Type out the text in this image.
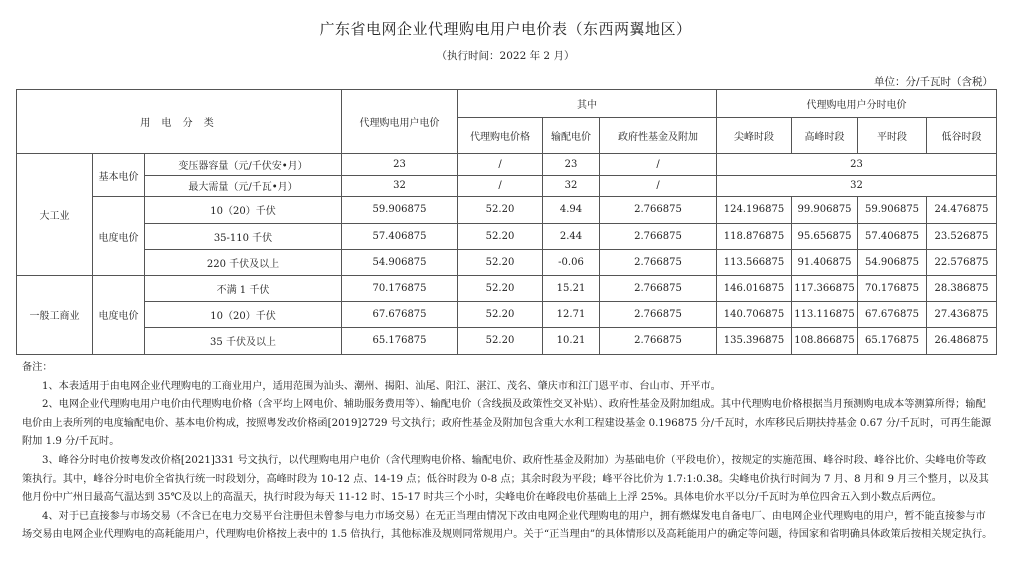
广东省电网企业代理购电用户电价表（东西两翼地区）
（执行时间：2022 年 2 月）
单位：分/千瓦时（含税）
用 电 分 类			代理购电用户电价	其中			代理购电用户分时电价			
				代理购电价格	输配电价	政府性基金及附加	尖峰时段	高峰时段	平时段	低谷时段
大工业	基本电价	变压器容量（元/千伏安•月）	23	/	23	/	23			
		最大需量（元/千瓦•月）	32	/	32	/	32			
	电度电价	10（20）千伏	59.906875	52.20	4.94	2.766875	124.196875	99.906875	59.906875	24.476875
		35-110 千伏	57.406875	52.20	2.44	2.766875	118.876875	95.656875	57.406875	23.526875
		220 千伏及以上	54.906875	52.20	-0.06	2.766875	113.566875	91.406875	54.906875	22.576875
一般工商业	电度电价	不满 1 千伏	70.176875	52.20	15.21	2.766875	146.016875	117.366875	70.176875	28.386875
		10（20）千伏	67.676875	52.20	12.71	2.766875	140.706875	113.116875	67.676875	27.436875
		35 千伏及以上	65.176875	52.20	10.21	2.766875	135.396875	108.866875	65.176875	26.486875

备注：

1、本表适用于由电网企业代理购电的工商业用户，适用范围为汕头、潮州、揭阳、汕尾、阳江、湛江、茂名、肇庆市和江门恩平市、台山市、开平市。

2、电网企业代理购电用户电价由代理购电价格（含平均上网电价、辅助服务费用等）、输配电价（含线损及政策性交叉补贴）、政府性基金及附加组成。其中代理购电价格根据当月预测购电成本等测算所得；输配电价由上表所列的电度输配电价、基本电价构成，按照粤发改价格函[2019]2729 号文执行；政府性基金及附加包含重大水利工程建设基金 0.196875 分/千瓦时，水库移民后期扶持基金 0.67 分/千瓦时，可再生能源附加 1.9 分/千瓦时。

3、峰谷分时电价按粤发改价格[2021]331 号文执行，以代理购电用户电价（含代理购电价格、输配电价、政府性基金及附加）为基础电价（平段电价），按规定的实施范围、峰谷时段、峰谷比价、尖峰电价等政策执行。其中，峰谷分时电价全省执行统一时段划分，高峰时段为 10-12 点、14-19 点；低谷时段为 0-8 点；其余时段为平段；峰平谷比价为 1.7:1:0.38。尖峰电价执行时间为 7 月、8 月和 9 月三个整月，以及其他月份中广州日最高气温达到 35℃及以上的高温天，执行时段为每天 11-12 时、15-17 时共三个小时，尖峰电价在峰段电价基础上上浮 25%。具体电价水平以分/千瓦时为单位四舍五入到小数点后两位。

4、对于已直接参与市场交易（不含已在电力交易平台注册但未曾参与电力市场交易）在无正当理由情况下改由电网企业代理购电的用户，拥有燃煤发电自备电厂、由电网企业代理购电的用户，暂不能直接参与市场交易由电网企业代理购电的高耗能用户，代理购电价格按上表中的 1.5 倍执行，其他标准及规则同常规用户。关于“正当理由”的具体情形以及高耗能用户的确定等问题，待国家和省明确具体政策后按相关规定执行。
